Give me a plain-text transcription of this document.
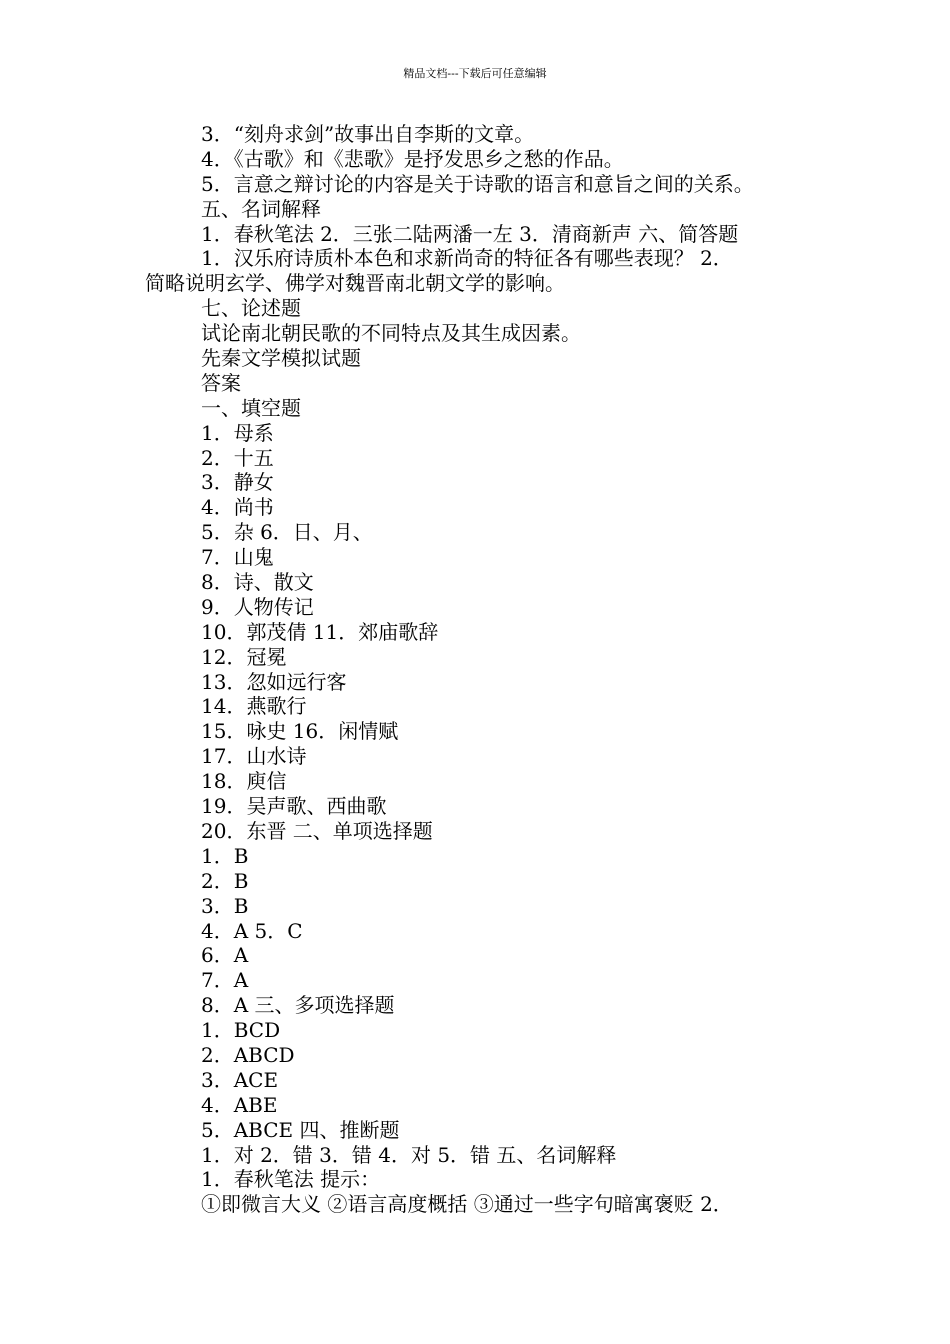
精品文档---下载后可任意编辑
3．“刻舟求剑”故事出自李斯的文章。
4．《古歌》和《悲歌》是抒发思乡之愁的作品。
5．言意之辩讨论的内容是关于诗歌的语言和意旨之间的关系。
五、名词解释
1．春秋笔法 2．三张二陆两潘一左 3．清商新声 六、简答题
1．汉乐府诗质朴本色和求新尚奇的特征各有哪些表现？ 2．
简略说明玄学、佛学对魏晋南北朝文学的影响。
七、论述题
试论南北朝民歌的不同特点及其生成因素。
先秦文学模拟试题
答案
一、填空题
1．母系
2．十五
3．静女
4．尚书
5．杂 6．日、月、
7．山鬼
8．诗、散文
9．人物传记
10．郭茂倩 11．郊庙歌辞
12．冠冕
13．忽如远行客
14．燕歌行
15．咏史 16．闲情赋
17．山水诗
18．庾信
19．吴声歌、西曲歌
20．东晋 二、单项选择题
1．B
2．B
3．B
4．A 5．C
6．A
7．A
8．A 三、多项选择题
1．BCD
2．ABCD
3．ACE
4．ABE
5．ABCE 四、推断题
1．对 2．错 3．错 4．对 5．错 五、名词解释
1．春秋笔法 提示：
①即微言大义 ②语言高度概括 ③通过一些字句暗寓褒贬 2．
